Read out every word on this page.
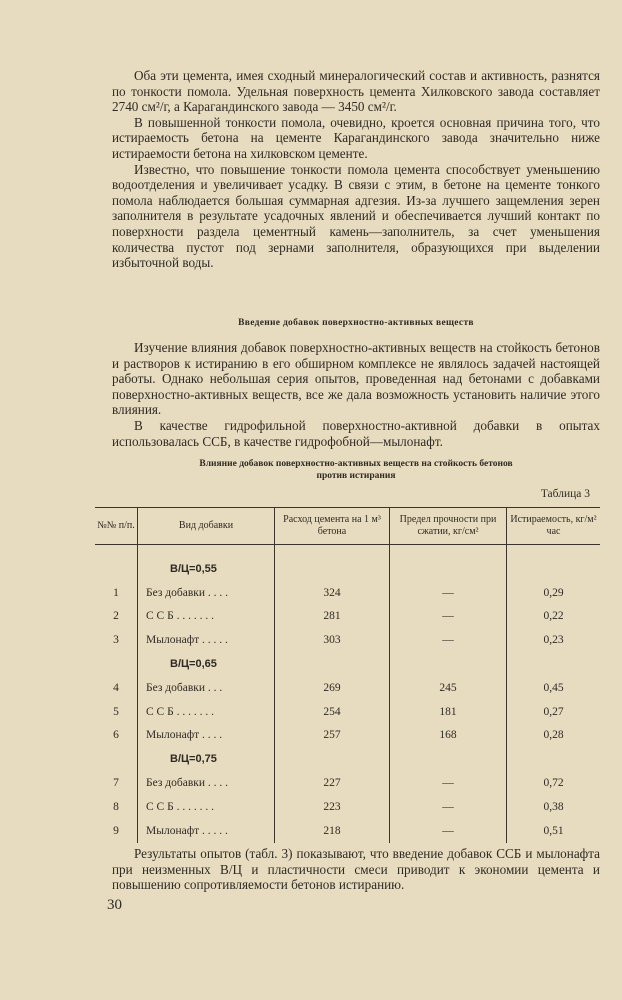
Оба эти цемента, имея сходный минералогический состав и активность, разнятся по тонкости помола. Удельная поверхность цемента Хилковского завода составляет 2740 см²/г, а Карагандинского завода — 3450 см²/г.

В повышенной тонкости помола, очевидно, кроется основная причина того, что истираемость бетона на цементе Карагандинского завода значительно ниже истираемости бетона на хилковском цементе.

Известно, что повышение тонкости помола цемента способствует уменьшению водоотделения и увеличивает усадку. В связи с этим, в бетоне на цементе тонкого помола наблюдается большая суммарная адгезия. Из-за лучшего защемления зерен заполнителя в результате усадочных явлений и обеспечивается лучший контакт по поверхности раздела цементный камень—заполнитель, за счет уменьшения количества пустот под зернами заполнителя, образующихся при выделении избыточной воды.

Введение добавок поверхностно-активных веществ

Изучение влияния добавок поверхностно-активных веществ на стойкость бетонов и растворов к истиранию в его обширном комплексе не являлось задачей настоящей работы. Однако небольшая серия опытов, проведенная над бетонами с добавками поверхностно-активных веществ, все же дала возможность установить наличие этого влияния.

В качестве гидрофильной поверхностно-активной добавки в опытах использовалась ССБ, в качестве гидрофобной—мылонафт.

Влияние добавок поверхностно-активных веществ на стойкость бетонов
против истирания
Таблица 3
№№ п/п.	Вид добавки	Расход цемента на 1 м³ бетона	Предел прочности при сжатии, кг/см²	Истираемость, кг/м² час

	В/Ц=0,55			
1	Без добавки . . . .	324	—	0,29
2	С С Б . . . . . . .	281	—	0,22
3	Мылонафт . . . . .	303	—	0,23
	В/Ц=0,65			
4	Без добавки . . .	269	245	0,45
5	С С Б . . . . . . .	254	181	0,27
6	Мылонафт . . . .	257	168	0,28
	В/Ц=0,75			
7	Без добавки . . . .	227	—	0,72
8	С С Б . . . . . . .	223	—	0,38
9	Мылонафт . . . . .	218	—	0,51

Результаты опытов (табл. 3) показывают, что введение добавок ССБ и мылонафта при неизменных В/Ц и пластичности смеси приводит к экономии цемента и повышению сопротивляемости бетонов истиранию.

30
